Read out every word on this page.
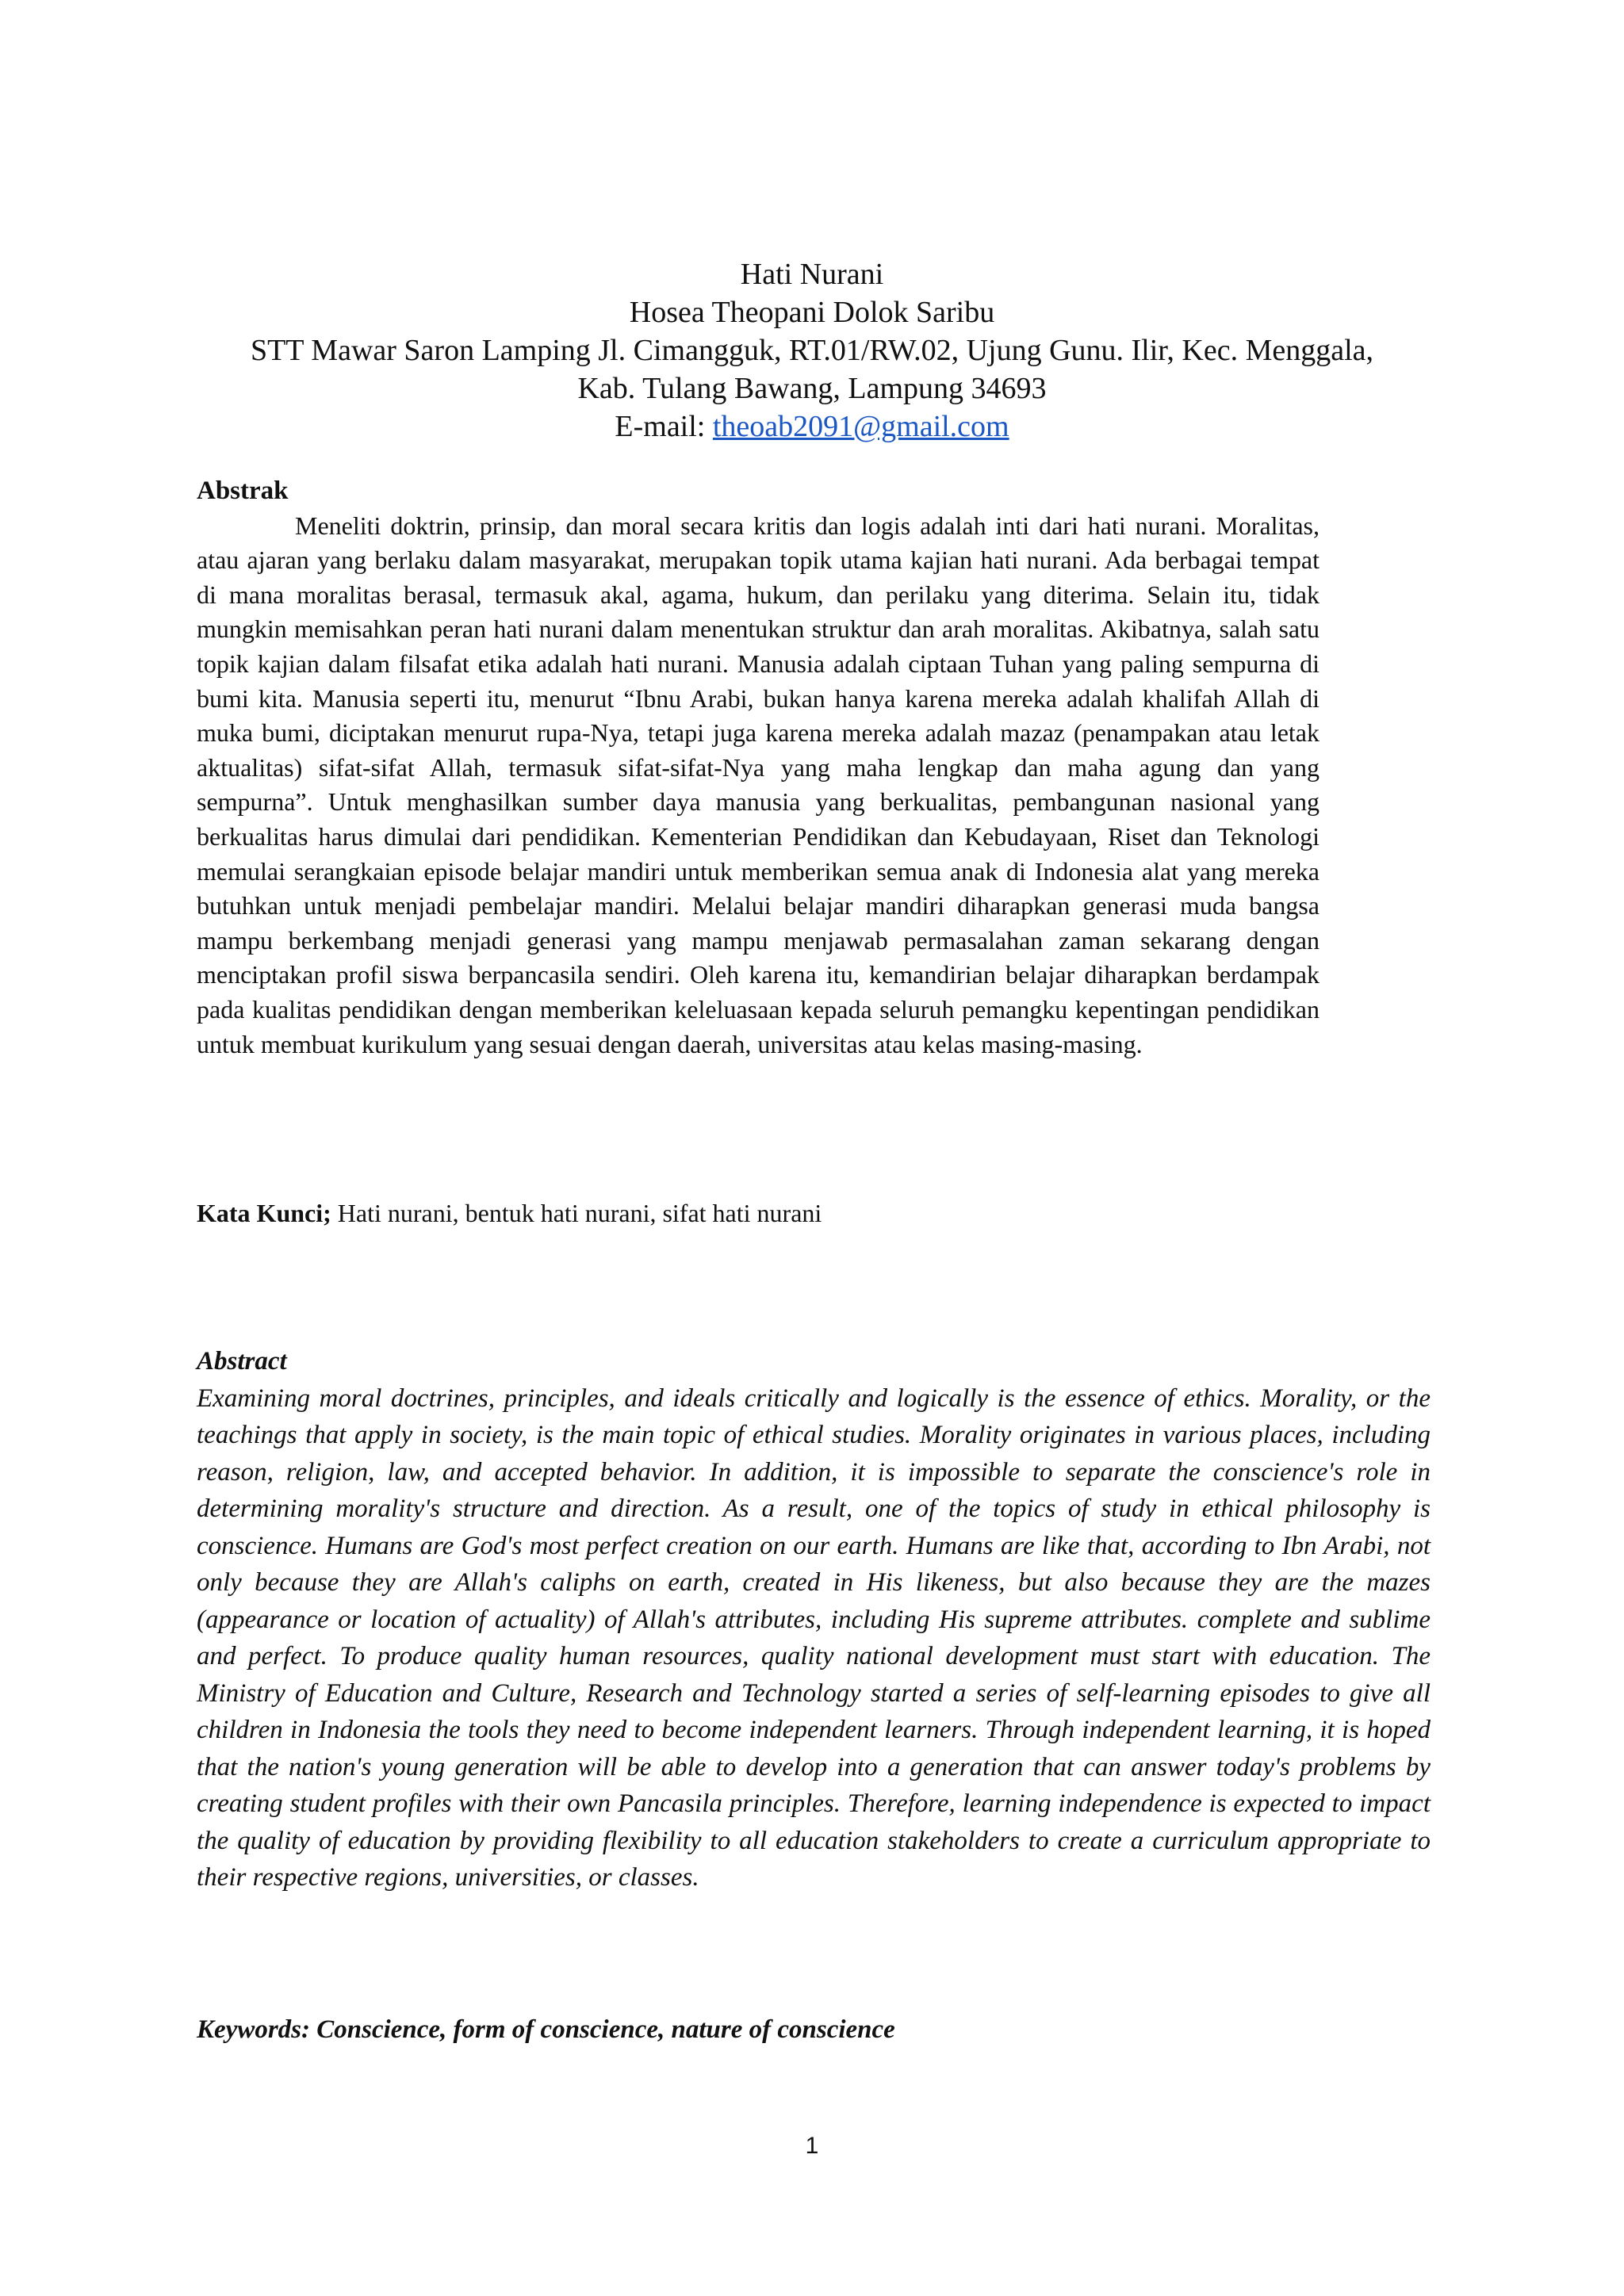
Hati Nurani
Hosea Theopani Dolok Saribu
STT Mawar Saron Lamping Jl. Cimangguk, RT.01/RW.02, Ujung Gunu. Ilir, Kec. Menggala,
Kab. Tulang Bawang, Lampung 34693
E-mail: theoab2091@gmail.com
Abstrak

Meneliti doktrin, prinsip, dan moral secara kritis dan logis adalah inti dari hati nurani. Moralitas, atau ajaran yang berlaku dalam masyarakat, merupakan topik utama kajian hati nurani. Ada berbagai tempat di mana moralitas berasal, termasuk akal, agama, hukum, dan perilaku yang diterima. Selain itu, tidak mungkin memisahkan peran hati nurani dalam menentukan struktur dan arah moralitas. Akibatnya, salah satu topik kajian dalam filsafat etika adalah hati nurani. Manusia adalah ciptaan Tuhan yang paling sempurna di bumi kita. Manusia seperti itu, menurut “Ibnu Arabi, bukan hanya karena mereka adalah khalifah Allah di muka bumi, diciptakan menurut rupa-Nya, tetapi juga karena mereka adalah mazaz (penampakan atau letak aktualitas) sifat-sifat Allah, termasuk sifat-sifat-Nya yang maha lengkap dan maha agung dan yang sempurna”. Untuk menghasilkan sumber daya manusia yang berkualitas, pembangunan nasional yang berkualitas harus dimulai dari pendidikan. Kementerian Pendidikan dan Kebudayaan, Riset dan Teknologi memulai serangkaian episode belajar mandiri untuk memberikan semua anak di Indonesia alat yang mereka butuhkan untuk menjadi pembelajar mandiri. Melalui belajar mandiri diharapkan generasi muda bangsa mampu berkembang menjadi generasi yang mampu menjawab permasalahan zaman sekarang dengan menciptakan profil siswa berpancasila sendiri. Oleh karena itu, kemandirian belajar diharapkan berdampak pada kualitas pendidikan dengan memberikan keleluasaan kepada seluruh pemangku kepentingan pendidikan untuk membuat kurikulum yang sesuai dengan daerah, universitas atau kelas masing-masing.

Kata Kunci; Hati nurani, bentuk hati nurani, sifat hati nurani
Abstract

Examining moral doctrines, principles, and ideals critically and logically is the essence of ethics. Morality, or the teachings that apply in society, is the main topic of ethical studies. Morality originates in various places, including reason, religion, law, and accepted behavior. In addition, it is impossible to separate the conscience's role in determining morality's structure and direction. As a result, one of the topics of study in ethical philosophy is conscience. Humans are God's most perfect creation on our earth. Humans are like that, according to Ibn Arabi, not only because they are Allah's caliphs on earth, created in His likeness, but also because they are the mazes (appearance or location of actuality) of Allah's attributes, including His supreme attributes. complete and sublime and perfect. To produce quality human resources, quality national development must start with education. The Ministry of Education and Culture, Research and Technology started a series of self-learning episodes to give all children in Indonesia the tools they need to become independent learners. Through independent learning, it is hoped that the nation's young generation will be able to develop into a generation that can answer today's problems by creating student profiles with their own Pancasila principles. Therefore, learning independence is expected to impact the quality of education by providing flexibility to all education stakeholders to create a curriculum appropriate to their respective regions, universities, or classes.

Keywords: Conscience, form of conscience, nature of conscience
1
